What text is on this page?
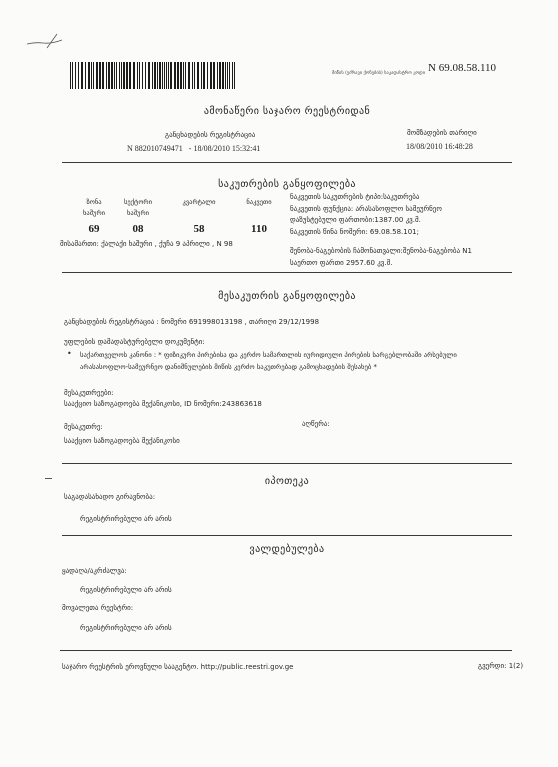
მიწის (უძრავი ქონების) საკადასტრო კოდი N 69.08.58.110
ამონაწერი საჯარო რეესტრიდან
განცხადების რეგისტრაცია
N 882010749471   - 18/08/2010 15:32:41
მომზადების თარიღი
18/08/2010 16:48:28
საკუთრების განყოფილება
ზონა
ხაშური
69
სექტორი
ხაშური
08
კვარტალი

58
ნაკვეთი

110
მისამართი: ქალაქი ხაშური , ქუჩა 9 აპრილი , N 98
ნაკვეთის საკუთრების ტიპი:საკუთრება
ნაკვეთის ფუნქცია: არასასოფლო სამეურნეო
დაზუსტებული ფართობი:1387.00 კვ.მ.
ნაკვეთის წინა ნომერი: 69.08.58.101;
შენობა-ნაგებობის ჩამონათვალი:შენობა-ნაგებობა N1
საერთო ფართი 2957.60 კვ.მ.
მესაკუთრის განყოფილება
განცხადების რეგისტრაცია : ნომერი 691998013198 , თარიღი 29/12/1998
უფლების დამადასტურებელი დოკუმენტი:
• საქართველოს კანონი : * ფიზიკური პირებისა და კერძო სამართლის იურიდიული პირების სარგებლობაში არსებული
არასასოფლო-სამეურნეო დანიშნულების მიწის კერძო საკუთრებად გამოცხადების შესახებ *
მესაკუთრეები:
სააქციო საზოგადოება მექანიკოსი, ID ნომერი:243863618
მესაკუთრე:	აღწერა:
სააქციო საზოგადოება მექანიკოსი
იპოთეკა
საგადასახადო გირავნობა:
რეგისტრირებული არ არის
ვალდებულება
ყადაღა/აკრძალვა:
რეგისტრირებული არ არის
მოვალეთა რეესტრი:
რეგისტრირებული არ არის
საჯარო რეესტრის ეროვნული სააგენტო. http://public.reestri.gov.ge	გვერდი: 1(2)
